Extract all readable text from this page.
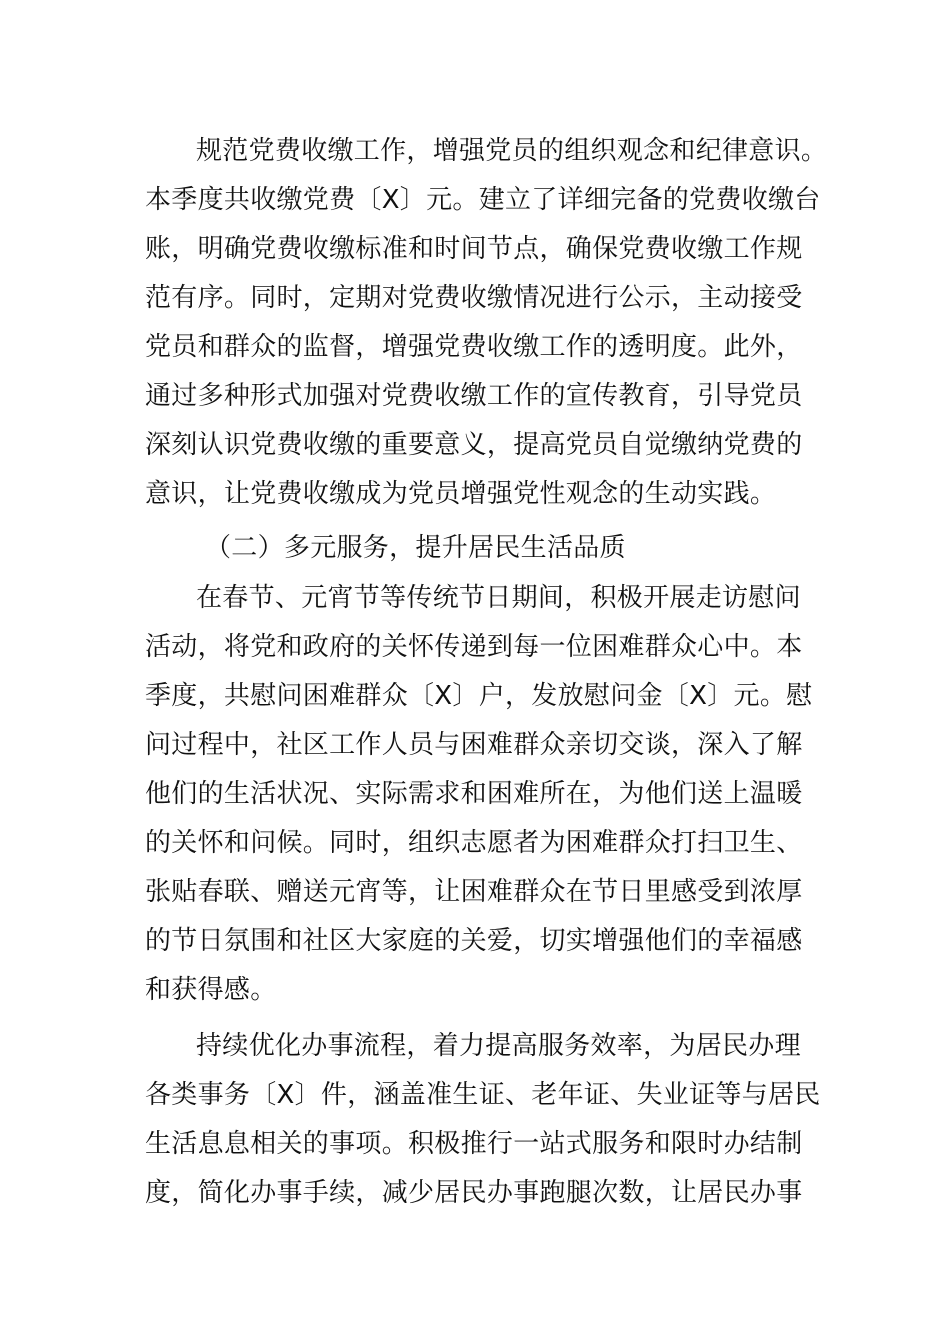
规范党费收缴工作，增强党员的组织观念和纪律意识。
本季度共收缴党费〔X〕元。建立了详细完备的党费收缴台
账，明确党费收缴标准和时间节点，确保党费收缴工作规
范有序。同时，定期对党费收缴情况进行公示，主动接受
党员和群众的监督，增强党费收缴工作的透明度。此外，
通过多种形式加强对党费收缴工作的宣传教育，引导党员
深刻认识党费收缴的重要意义，提高党员自觉缴纳党费的
意识，让党费收缴成为党员增强党性观念的生动实践。
（二）多元服务，提升居民生活品质
在春节、元宵节等传统节日期间，积极开展走访慰问
活动，将党和政府的关怀传递到每一位困难群众心中。本
季度，共慰问困难群众〔X〕户，发放慰问金〔X〕元。慰
问过程中，社区工作人员与困难群众亲切交谈，深入了解
他们的生活状况、实际需求和困难所在，为他们送上温暖
的关怀和问候。同时，组织志愿者为困难群众打扫卫生、
张贴春联、赠送元宵等，让困难群众在节日里感受到浓厚
的节日氛围和社区大家庭的关爱，切实增强他们的幸福感
和获得感。
持续优化办事流程，着力提高服务效率，为居民办理
各类事务〔X〕件，涵盖准生证、老年证、失业证等与居民
生活息息相关的事项。积极推行一站式服务和限时办结制
度，简化办事手续，减少居民办事跑腿次数，让居民办事
